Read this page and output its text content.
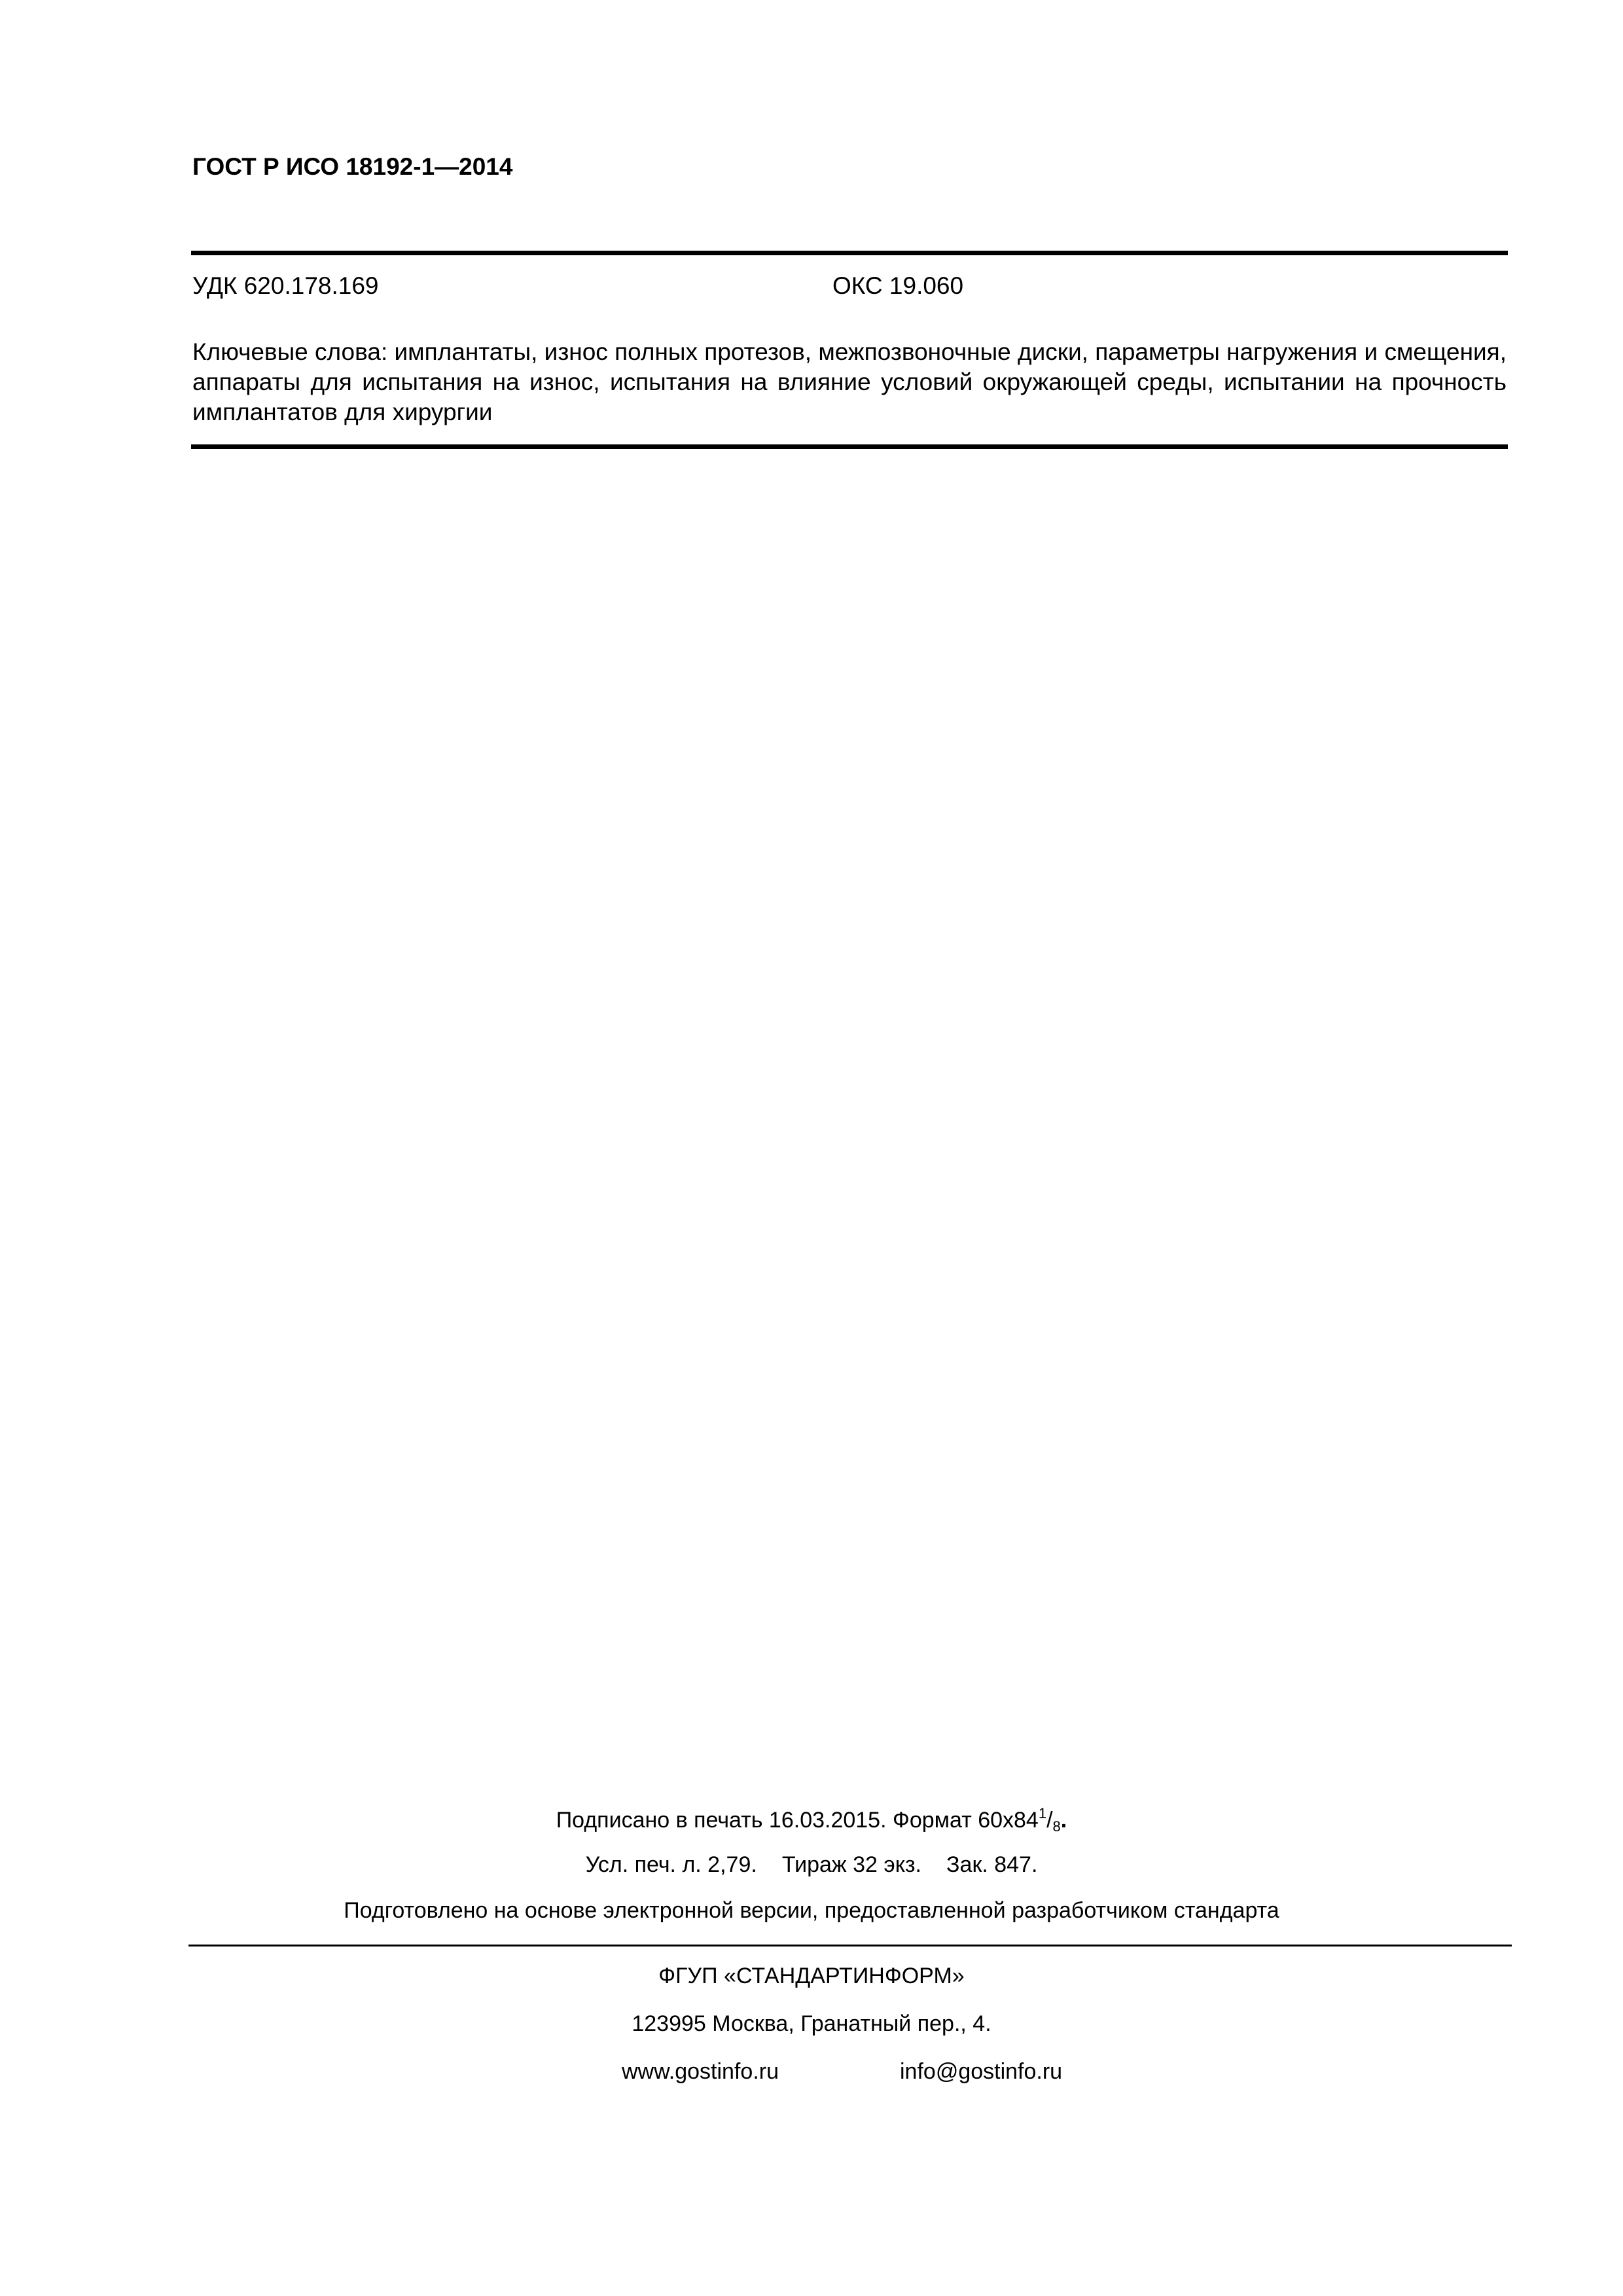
ГОСТ Р ИСО 18192-1—2014
УДК 620.178.169	ОКС 19.060
Ключевые слова: имплантаты, износ полных протезов, межпозвоночные диски, параметры нагружения и смещения, аппараты для испытания на износ, испытания на влияние условий окружающей среды, испытании на прочность имплантатов для хирургии
Подписано в печать 16.03.2015. Формат $60x84^1/_8$.
Усл. печ. л. 2,79. Тираж 32 экз. Зак. 847.
Подготовлено на основе электронной версии, предоставленной разработчиком стандарта
ФГУП «СТАНДАРТИНФОРМ»
123995 Москва, Гранатный пер., 4.
www.gostinfo.ru	info@gostinfo.ru
